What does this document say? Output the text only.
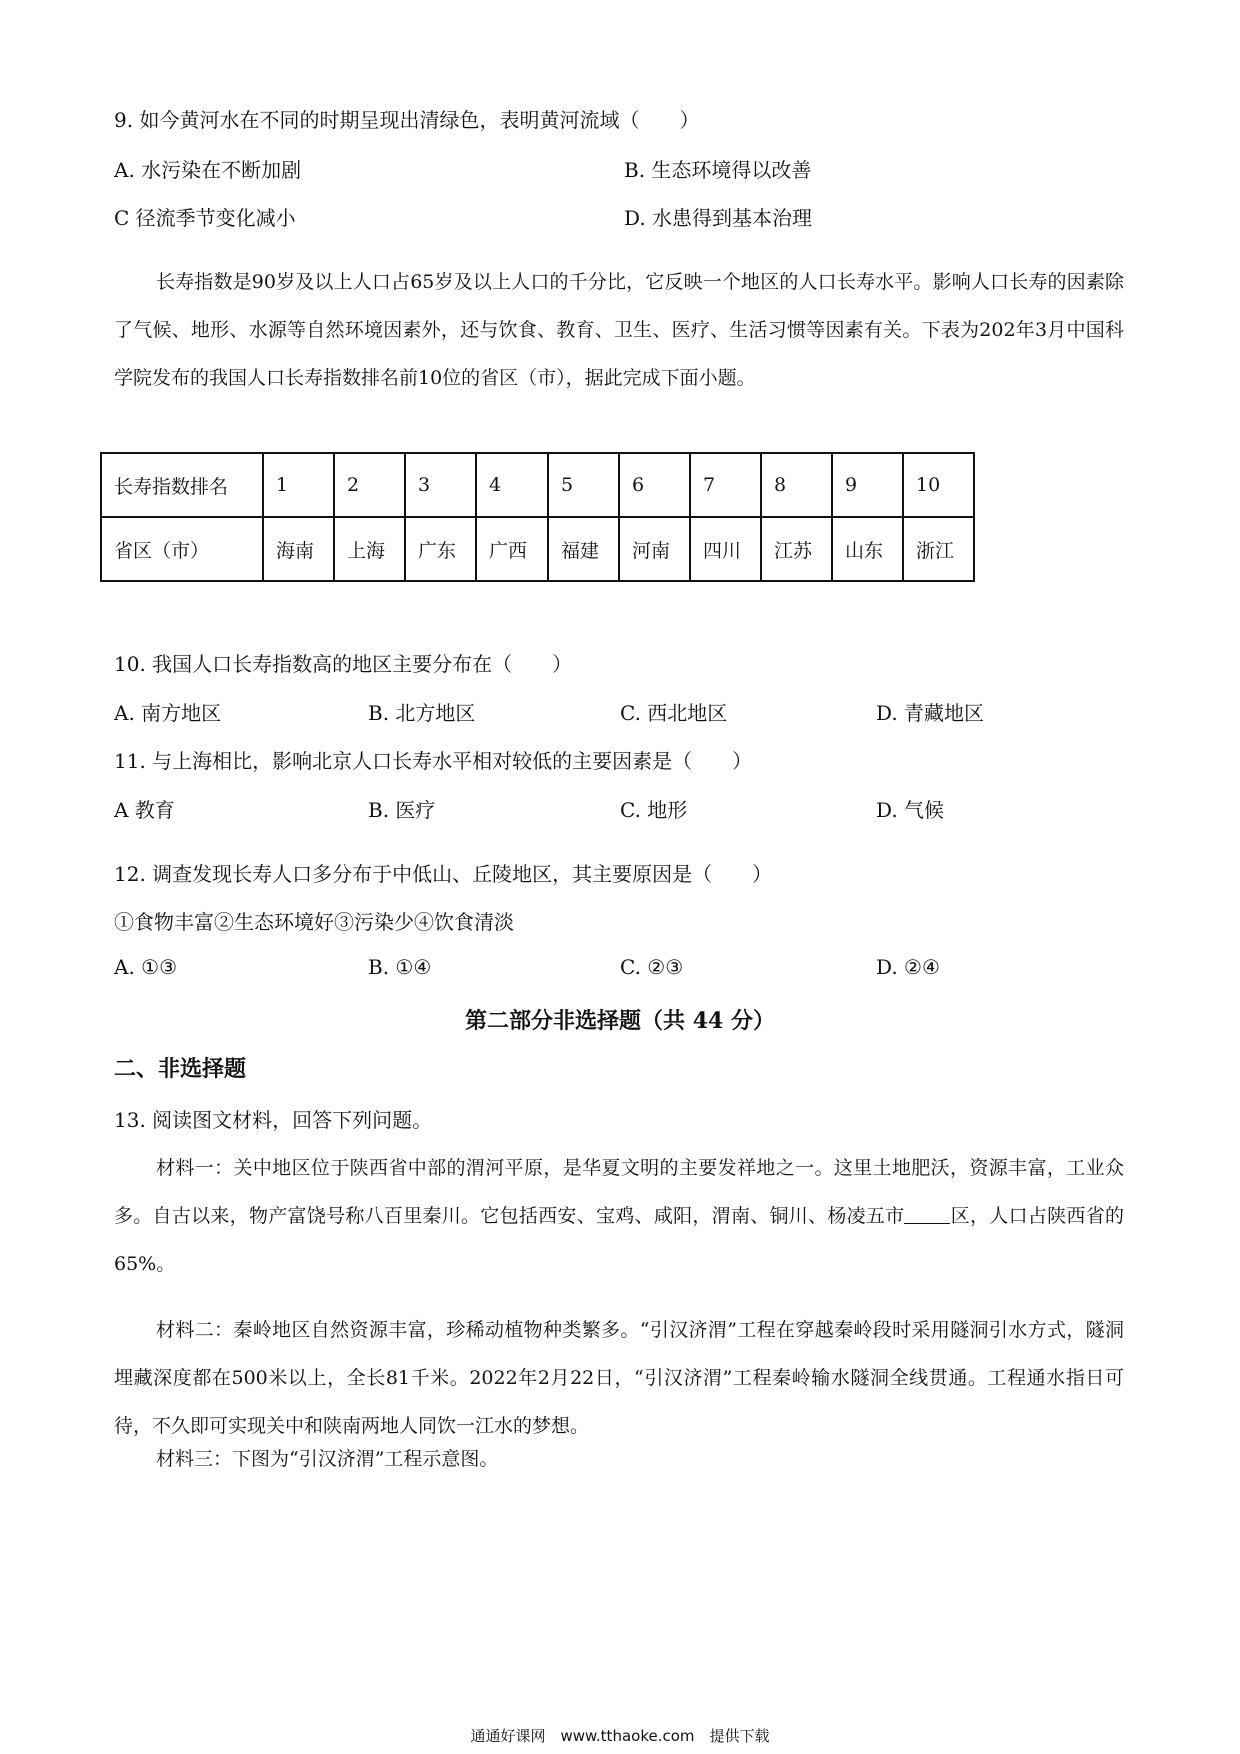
9. 如今黄河水在不同的时期呈现出清绿色，表明黄河流域（　　）
A. 水污染在不断加剧	B. 生态环境得以改善
C 径流季节变化减小	D. 水患得到基本治理
长寿指数是90岁及以上人口占65岁及以上人口的千分比，它反映一个地区的人口长寿水平。影响人口长寿的因素除了气候、地形、水源等自然环境因素外，还与饮食、教育、卫生、医疗、生活习惯等因素有关。下表为202年3月中国科学院发布的我国人口长寿指数排名前10位的省区（市），据此完成下面小题。
长寿指数排名	1	2	3	4	5	6	7	8	9	10
省区（市）	海南	上海	广东	广西	福建	河南	四川	江苏	山东	浙江
10. 我国人口长寿指数高的地区主要分布在（　　）
A. 南方地区	B. 北方地区	C. 西北地区	D. 青藏地区
11. 与上海相比，影响北京人口长寿水平相对较低的主要因素是（　　）
A 教育	B. 医疗	C. 地形	D. 气候
12. 调查发现长寿人口多分布于中低山、丘陵地区，其主要原因是（　　）
①食物丰富②生态环境好③污染少④饮食清淡
A. ①③	B. ①④	C. ②③	D. ②④
第二部分非选择题（共 44 分）
二、非选择题
13. 阅读图文材料，回答下列问题。
材料一：关中地区位于陕西省中部的渭河平原，是华夏文明的主要发祥地之一。这里土地肥沃，资源丰富，工业众多。自古以来，物产富饶号称八百里秦川。它包括西安、宝鸡、咸阳，渭南、铜川、杨凌五市 区，人口占陕西省的65%。
材料二：秦岭地区自然资源丰富，珍稀动植物种类繁多。“引汉济渭”工程在穿越秦岭段时采用隧洞引水方式，隧洞埋藏深度都在500米以上，全长81千米。2022年2月22日，“引汉济渭”工程秦岭输水隧洞全线贯通。工程通水指日可待，不久即可实现关中和陕南两地人同饮一江水的梦想。
材料三：下图为“引汉济渭”工程示意图。
通通好课网　www.tthaoke.com　提供下载
